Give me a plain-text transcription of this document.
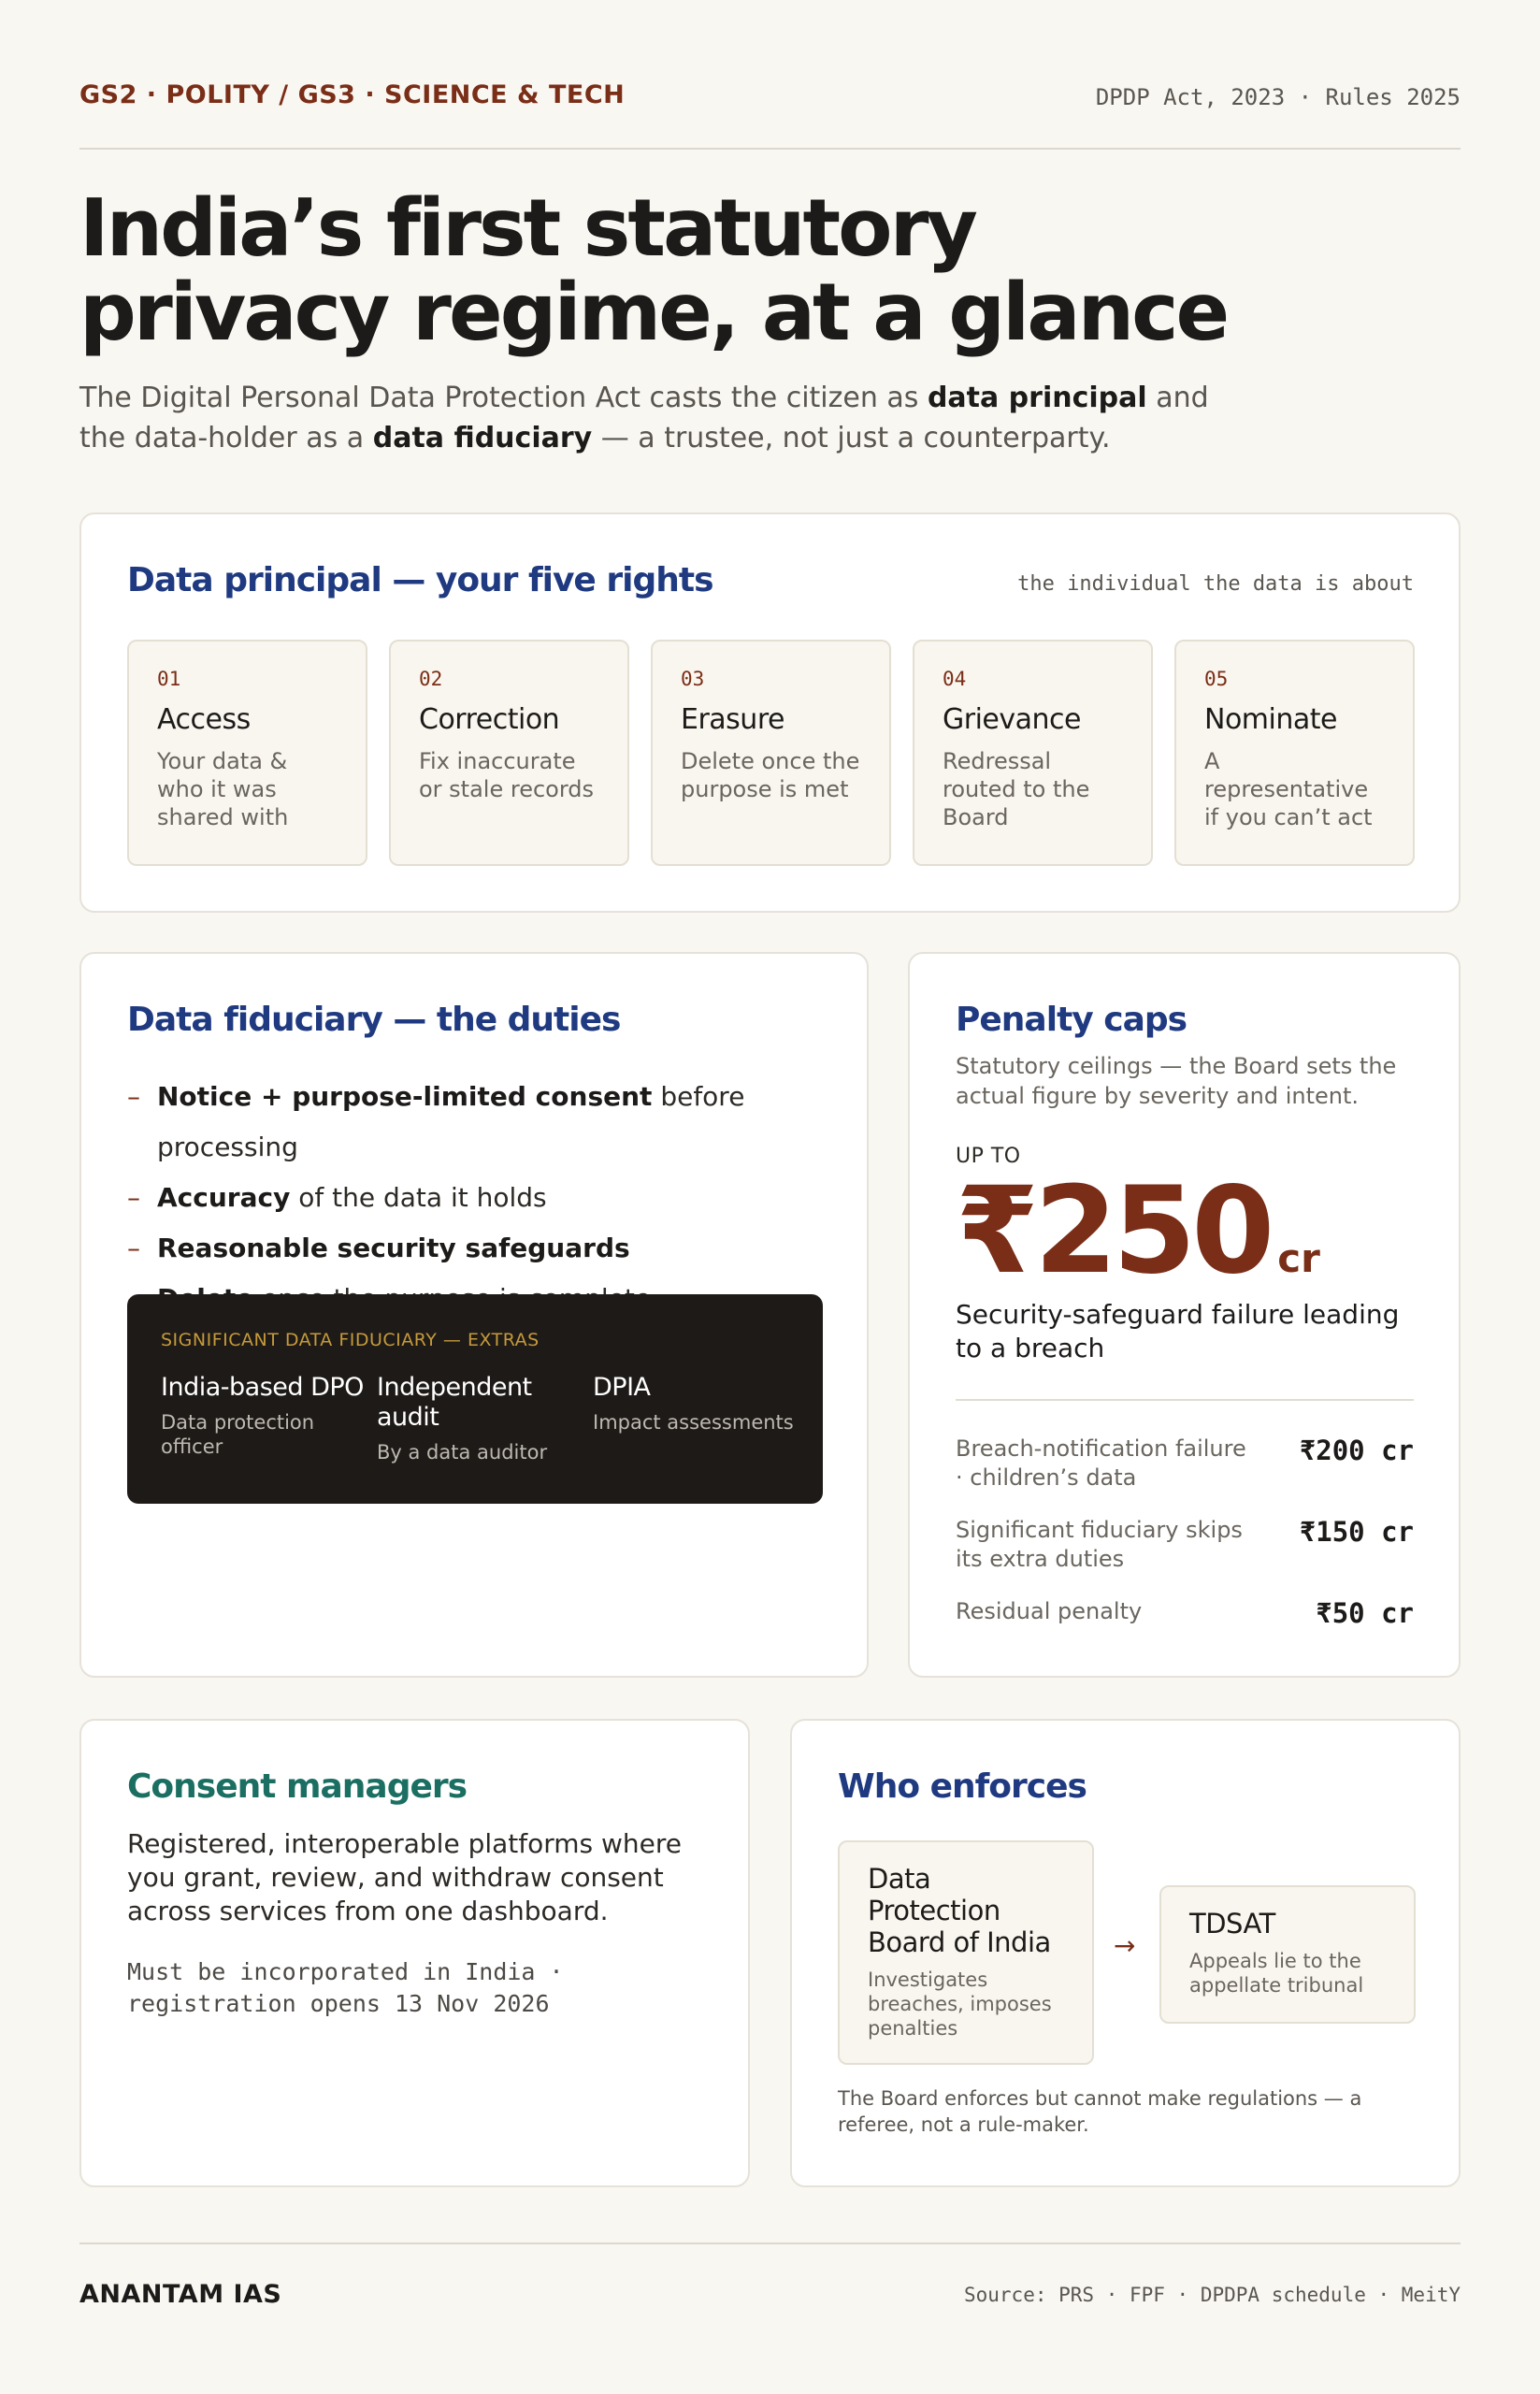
GS2 · POLITY / GS3 · SCIENCE & TECH	DPDP Act, 2023 · Rules 2025
India’s first statutory
privacy regime, at a glance

The Digital Personal Data Protection Act casts the citizen as data principal and the data-holder as a data fiduciary — a trustee, not just a counterparty.

Data principal — your five rights	the individual the data is about
01
Access
Your data & who it was shared with
02
Correction
Fix inaccurate or stale records
03
Erasure
Delete once the purpose is met
04
Grievance
Redressal routed to the Board
05
Nominate
A representative if you can’t act
Data fiduciary — the duties
– Notice + purpose-limited consent before processing
– Accuracy of the data it holds
– Reasonable security safeguards
–
SIGNIFICANT DATA FIDUCIARY — EXTRAS
India-based DPO
Data protection officer
Independent audit
By a data auditor
DPIA
Impact assessments
Penalty caps

Statutory ceilings — the Board sets the actual figure by severity and intent.

UP TO
₹250 cr

Security-safeguard failure leading to a breach

Breach-notification failure · children’s data
₹200 cr
Significant fiduciary skips its extra duties
₹150 cr
Residual penalty	₹50 cr
Consent managers

Registered, interoperable platforms where you grant, review, and withdraw consent across services from one dashboard.

Must be incorporated in India · registration opens 13 Nov 2026

Who enforces
Data Protection Board of India
Investigates breaches, imposes penalties
→
TDSAT
Appeals lie to the appellate tribunal

The Board enforces but cannot make regulations — a referee, not a rule-maker.

ANANTAM IAS	Source: PRS · FPF · DPDPA schedule · MeitY
